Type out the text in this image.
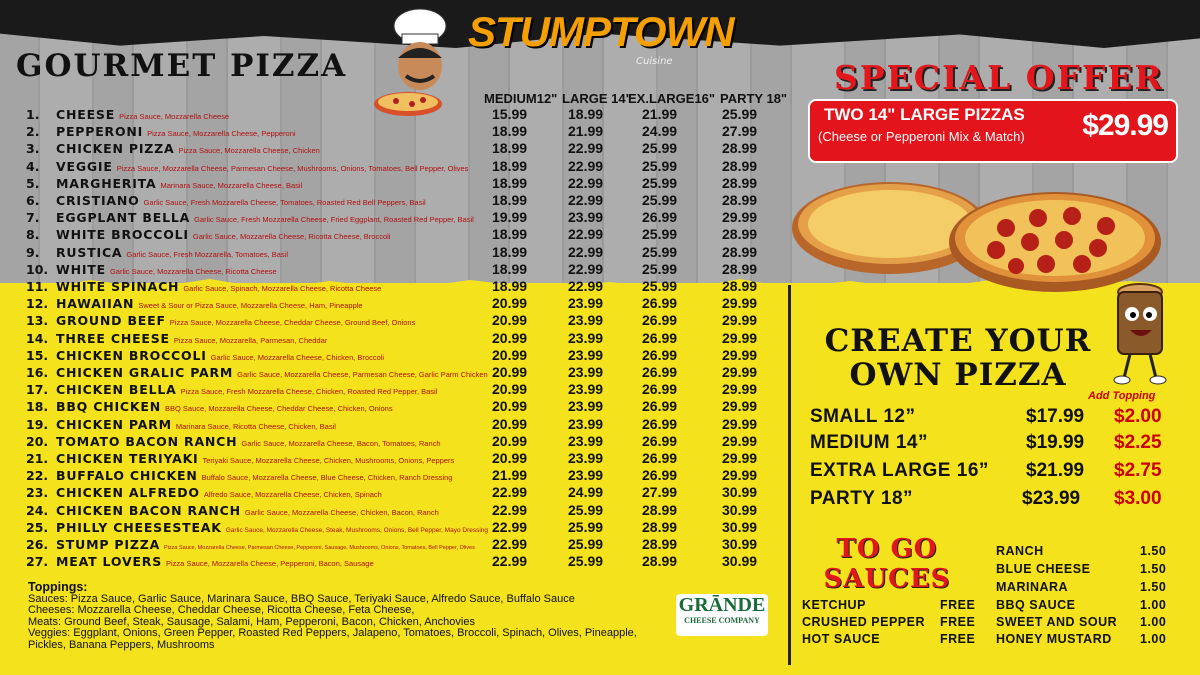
GOURMET PIZZA
STUMPTOWN
Cuisine
MEDIUM12" LARGE 14"
EX.LARGE16" PARTY 18"
1. CHEESE Pizza Sauce, Mozzarella Cheese	15.99	18.99	21.99	25.99
2. PEPPERONI Pizza Sauce, Mozzarella Cheese, Pepperoni	18.99	21.99	24.99	27.99
3. CHICKEN PIZZA Pizza Sauce, Mozzarella Cheese, Chicken	18.99	22.99	25.99	28.99
4. VEGGIE Pizza Sauce, Mozzarella Cheese, Parmesan Cheese, Mushrooms, Onions, Tomatoes, Bell Pepper, Olives 18.99	22.99	25.99	28.99
5. MARGHERITA Marinara Sauce, Mozzarella Cheese, Basil	18.99	22.99	25.99	28.99
6. CRISTIANO Garlic Sauce, Fresh Mozzarella Cheese, Tomatoes, Roasted Red Bell Peppers, Basil	18.99	22.99	25.99	28.99
7. EGGPLANT BELLA Garlic Sauce, Fresh Mozzarella Cheese, Fried Eggplant, Roasted Red Pepper, Basil 19.99	23.99	26.99	29.99
8. WHITE BROCCOLI Garlic Sauce, Mozzarella Cheese, Ricotta Cheese, Broccoli	18.99	22.99	25.99	28.99
9. RUSTICA Garlic Sauce, Fresh Mozzarella, Tomatoes, Basil	18.99	22.99	25.99	28.99
10. WHITE Garlic Sauce, Mozzarella Cheese, Ricotta Cheese	18.99	22.99	25.99	28.99
11. WHITE SPINACH Garlic Sauce, Spinach, Mozzarella Cheese, Ricotta Cheese	18.99	22.99	25.99	28.99
12. HAWAIIAN Sweet & Sour or Pizza Sauce, Mozzarella Cheese, Ham, Pineapple	20.99	23.99	26.99	29.99
13. GROUND BEEF Pizza Sauce, Mozzarella Cheese, Cheddar Cheese, Ground Beef, Onions	20.99	23.99	26.99	29.99
14. THREE CHEESE Pizza Sauce, Mozzarella, Parmesan, Cheddar	20.99	23.99	26.99	29.99
15. CHICKEN BROCCOLI Garlic Sauce, Mozzarella Cheese, Chicken, Broccoli	20.99	23.99	26.99	29.99
16. CHICKEN GRALIC PARM Garlic Sauce, Mozzarella Cheese, Parmesan Cheese, Garlic Parm Chicken 20.99	23.99	26.99	29.99
17. CHICKEN BELLA Pizza Sauce, Fresh Mozzarella Cheese, Chicken, Roasted Red Pepper, Basil	20.99	23.99	26.99	29.99
18. BBQ CHICKEN BBQ Sauce, Mozzarella Cheese, Cheddar Cheese, Chicken, Onions	20.99	23.99	26.99	29.99
19. CHICKEN PARM Marinara Sauce, Ricotta Cheese, Chicken, Basil	20.99	23.99	26.99	29.99
20. TOMATO BACON RANCH Garlic Sauce, Mozzarella Cheese, Bacon, Tomatoes, Ranch	20.99	23.99	26.99	29.99
21. CHICKEN TERIYAKI Teriyaki Sauce, Mozzarella Cheese, Chicken, Mushrooms, Onions, Peppers	20.99	23.99	26.99	29.99
22. BUFFALO CHICKEN Buffalo Sauce, Mozzarella Cheese, Blue Cheese, Chicken, Ranch Dressing	21.99	23.99	26.99	29.99
23. CHICKEN ALFREDO Alfredo Sauce, Mozzarella Cheese, Chicken, Spinach	22.99	24.99	27.99	30.99
24. CHICKEN BACON RANCH Garlic Sauce, Mozzarella Cheese, Chicken, Bacon, Ranch	22.99	25.99	28.99	30.99
25. PHILLY CHEESESTEAK Garlic Sauce, Mozzarella Cheese, Steak, Mushrooms, Onions, Bell Pepper, Mayo Dressing 22.99	25.99	28.99	30.99
26. STUMP PIZZA Pizza Sauce, Mozzarella Cheese, Parmesan Cheese, Pepperoni, Sausage, Mushrooms, Onions, Tomatoes, Bell Pepper, Olives 22.99	25.99	28.99	30.99
27. MEAT LOVERS Pizza Sauce, Mozzarella Cheese, Pepperoni, Bacon, Sausage	22.99	25.99	28.99	30.99
Toppings:
Sauces: Pizza Sauce, Garlic Sauce, Marinara Sauce, BBQ Sauce, Teriyaki Sauce, Alfredo Sauce, Buffalo Sauce
Cheeses: Mozzarella Cheese, Cheddar Cheese, Ricotta Cheese, Feta Cheese,
Meats: Ground Beef, Steak, Sausage, Salami, Ham, Pepperoni, Bacon, Chicken, Anchovies
Veggies: Eggplant, Onions, Green Pepper, Roasted Red Peppers, Jalapeno, Tomatoes, Broccoli, Spinach, Olives, Pineapple,
Pickles, Banana Peppers, Mushrooms
GRĀNDE
CHEESE COMPANY
SPECIAL OFFER
TWO 14" LARGE PIZZAS
(Cheese or Pepperoni Mix & Match) $29.99
CREATE YOUR
OWN PIZZA
Add Topping
SMALL 12”	$17.99 $2.00
MEDIUM 14”	$19.99 $2.25
EXTRA LARGE 16” $21.99 $2.75
PARTY 18”	$23.99 $3.00
TO GO
SAUCES
KETCHUP	FREE
CRUSHED PEPPER FREE
HOT SAUCE	FREE
RANCH	1.50
BLUE CHEESE	1.50
MARINARA	1.50
BBQ SAUCE	1.00
SWEET AND SOUR 1.00
HONEY MUSTARD 1.00
